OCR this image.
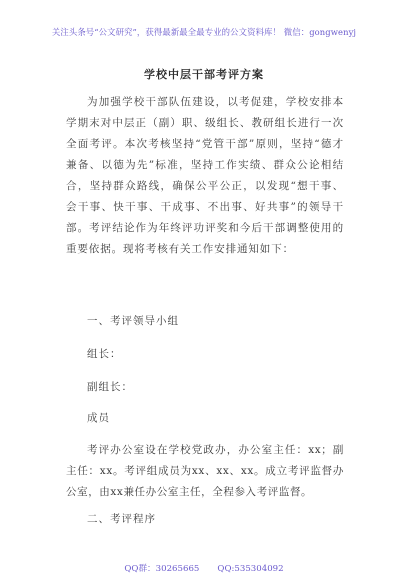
关注头条号“公文研究”，获得最新最全最专业的公文资料库！ 微信：gongwenyj
学校中层干部考评方案
为加强学校干部队伍建设，以考促建，学校安排本学期末对中层正（副）职、级组长、教研组长进行一次全面考评。本次考核坚持“党管干部”原则，坚持“德才兼备、以德为先”标准，坚持工作实绩、群众公论相结合，坚持群众路线，确保公平公正，以发现“想干事、会干事、快干事、干成事、不出事、好共事”的领导干部。考评结论作为年终评功评奖和今后干部调整使用的重要依据。现将考核有关工作安排通知如下：
一、考评领导小组
组长：
副组长：
成员
考评办公室设在学校党政办，办公室主任：xx；副主任：xx。考评组成员为xx、xx、xx。成立考评监督办公室，由xx兼任办公室主任，全程参入考评监督。
二、考评程序
QQ群：30265665 QQ:535304092
